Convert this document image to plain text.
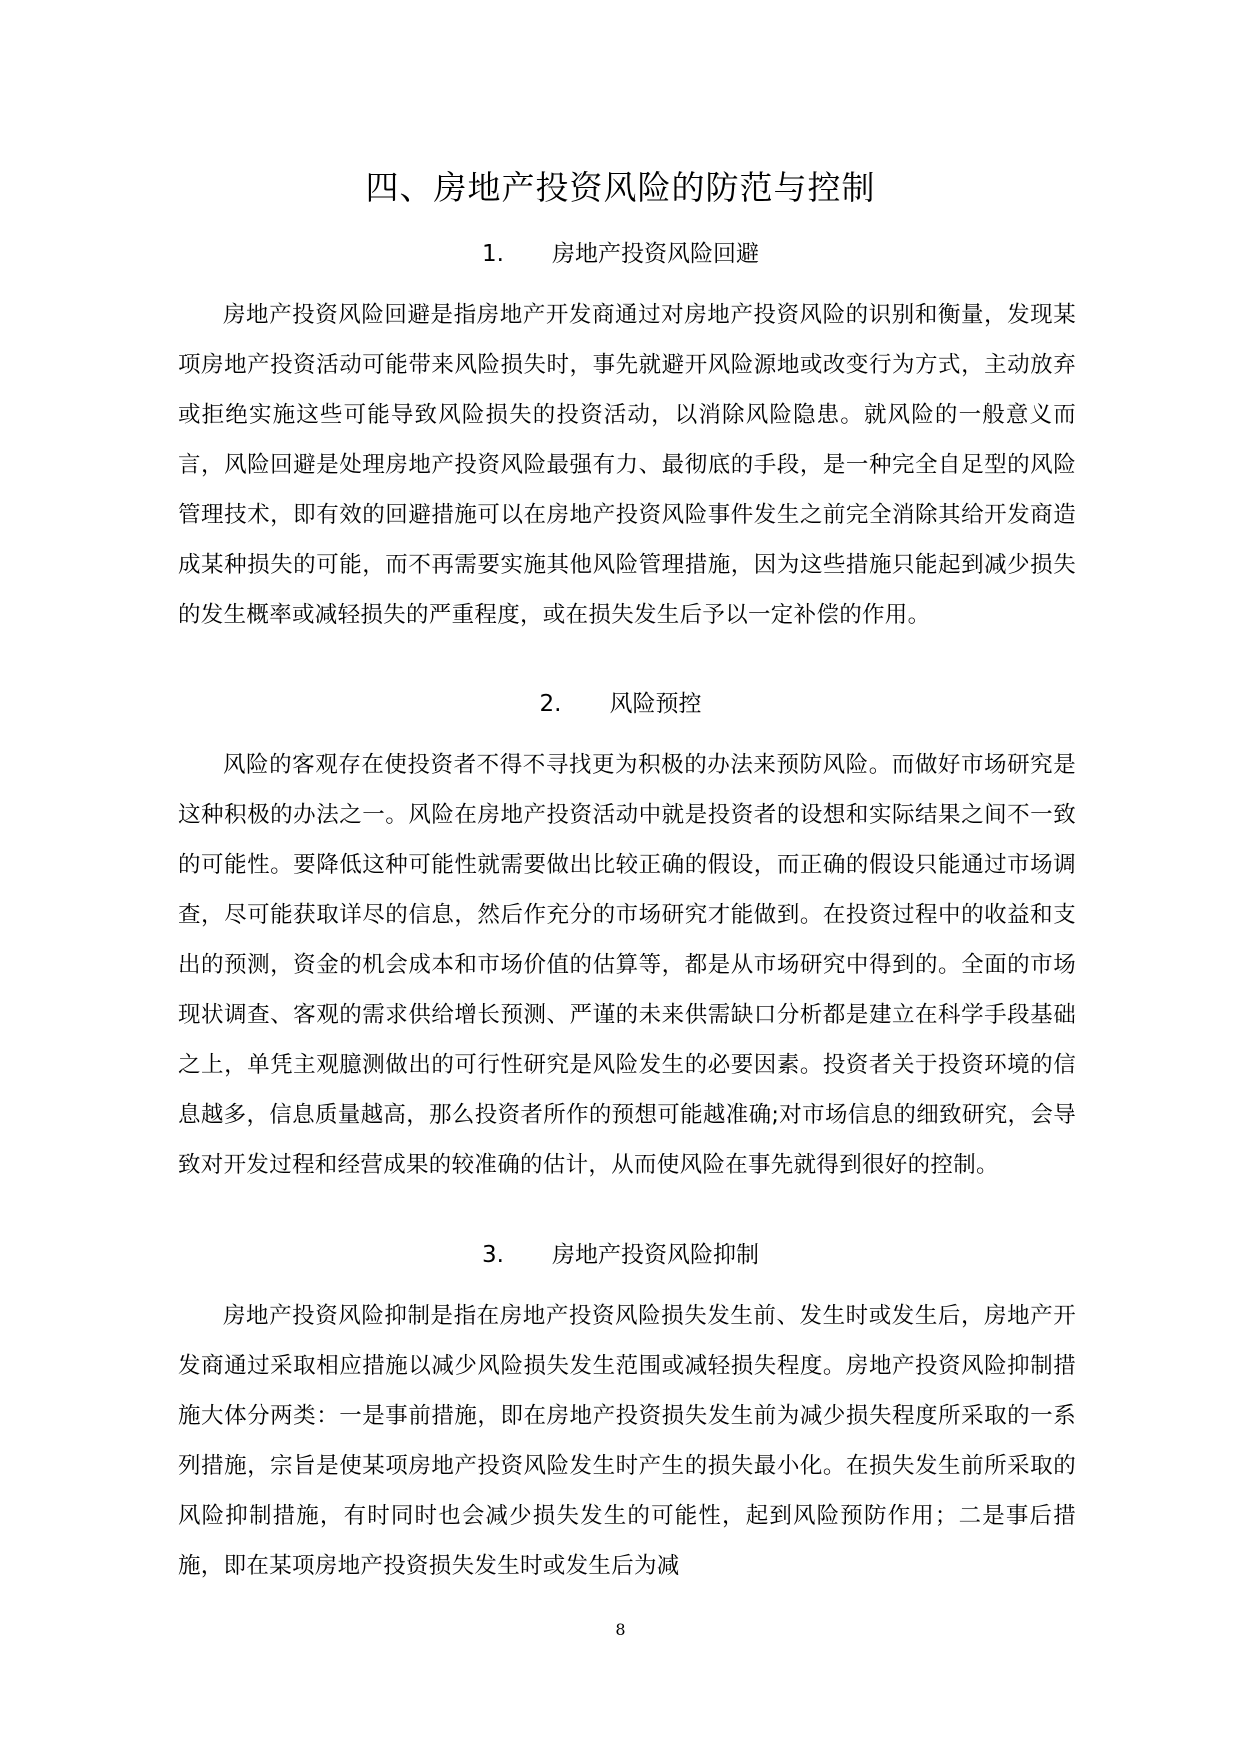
四、房地产投资风险的防范与控制
1. 房地产投资风险回避

房地产投资风险回避是指房地产开发商通过对房地产投资风险的识别和衡量，发现某项房地产投资活动可能带来风险损失时，事先就避开风险源地或改变行为方式，主动放弃或拒绝实施这些可能导致风险损失的投资活动，以消除风险隐患。就风险的一般意义而言，风险回避是处理房地产投资风险最强有力、最彻底的手段，是一种完全自足型的风险管理技术，即有效的回避措施可以在房地产投资风险事件发生之前完全消除其给开发商造成某种损失的可能，而不再需要实施其他风险管理措施，因为这些措施只能起到减少损失的发生概率或减轻损失的严重程度，或在损失发生后予以一定补偿的作用。

2. 风险预控

风险的客观存在使投资者不得不寻找更为积极的办法来预防风险。而做好市场研究是这种积极的办法之一。风险在房地产投资活动中就是投资者的设想和实际结果之间不一致的可能性。要降低这种可能性就需要做出比较正确的假设，而正确的假设只能通过市场调查，尽可能获取详尽的信息，然后作充分的市场研究才能做到。在投资过程中的收益和支出的预测，资金的机会成本和市场价值的估算等，都是从市场研究中得到的。全面的市场现状调查、客观的需求供给增长预测、严谨的未来供需缺口分析都是建立在科学手段基础之上，单凭主观臆测做出的可行性研究是风险发生的必要因素。投资者关于投资环境的信息越多，信息质量越高，那么投资者所作的预想可能越准确;对市场信息的细致研究，会导致对开发过程和经营成果的较准确的估计，从而使风险在事先就得到很好的控制。

3. 房地产投资风险抑制

房地产投资风险抑制是指在房地产投资风险损失发生前、发生时或发生后，房地产开发商通过采取相应措施以减少风险损失发生范围或减轻损失程度。房地产投资风险抑制措施大体分两类：一是事前措施，即在房地产投资损失发生前为减少损失程度所采取的一系列措施，宗旨是使某项房地产投资风险发生时产生的损失最小化。在损失发生前所采取的风险抑制措施，有时同时也会减少损失发生的可能性，起到风险预防作用；二是事后措施，即在某项房地产投资损失发生时或发生后为减

8
